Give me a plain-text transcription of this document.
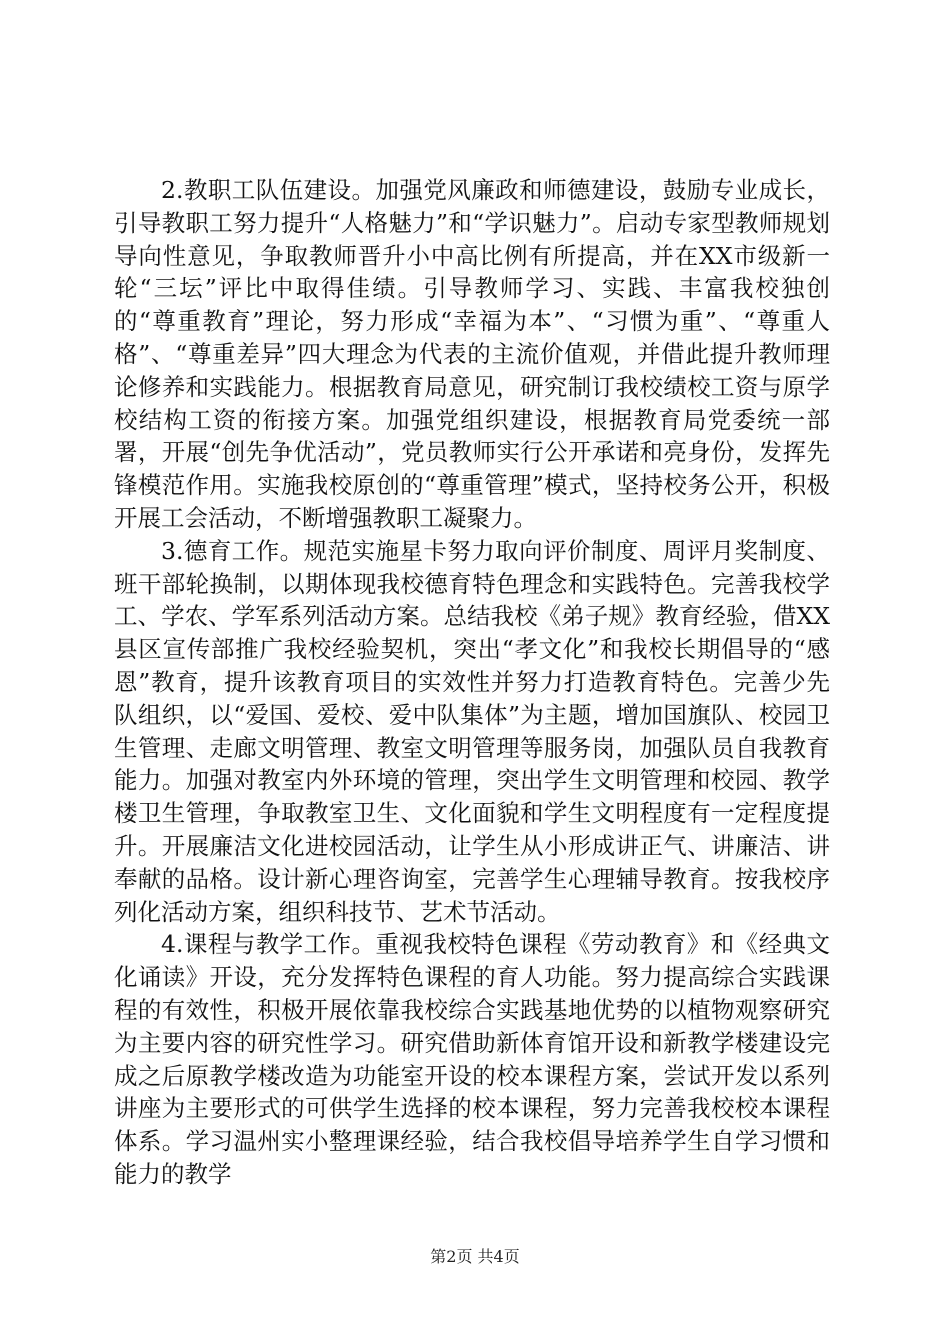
2.教职工队伍建设。加强党风廉政和师德建设，鼓励专业成长，引导教职工努力提升“人格魅力”和“学识魅力”。启动专家型教师规划导向性意见，争取教师晋升小中高比例有所提高，并在XX市级新一轮“三坛”评比中取得佳绩。引导教师学习、实践、丰富我校独创的“尊重教育”理论，努力形成“幸福为本”、“习惯为重”、“尊重人格”、“尊重差异”四大理念为代表的主流价值观，并借此提升教师理论修养和实践能力。根据教育局意见，研究制订我校绩校工资与原学校结构工资的衔接方案。加强党组织建设，根据教育局党委统一部署，开展“创先争优活动”，党员教师实行公开承诺和亮身份，发挥先锋模范作用。实施我校原创的“尊重管理”模式，坚持校务公开，积极开展工会活动，不断增强教职工凝聚力。

3.德育工作。规范实施星卡努力取向评价制度、周评月奖制度、班干部轮换制，以期体现我校德育特色理念和实践特色。完善我校学工、学农、学军系列活动方案。总结我校《弟子规》教育经验，借XX县区宣传部推广我校经验契机，突出“孝文化”和我校长期倡导的“感恩”教育，提升该教育项目的实效性并努力打造教育特色。完善少先队组织，以“爱国、爱校、爱中队集体”为主题，增加国旗队、校园卫生管理、走廊文明管理、教室文明管理等服务岗，加强队员自我教育能力。加强对教室内外环境的管理，突出学生文明管理和校园、教学楼卫生管理，争取教室卫生、文化面貌和学生文明程度有一定程度提升。开展廉洁文化进校园活动，让学生从小形成讲正气、讲廉洁、讲奉献的品格。设计新心理咨询室，完善学生心理辅导教育。按我校序列化活动方案，组织科技节、艺术节活动。

4.课程与教学工作。重视我校特色课程《劳动教育》和《经典文化诵读》开设，充分发挥特色课程的育人功能。努力提高综合实践课程的有效性，积极开展依靠我校综合实践基地优势的以植物观察研究为主要内容的研究性学习。研究借助新体育馆开设和新教学楼建设完成之后原教学楼改造为功能室开设的校本课程方案，尝试开发以系列讲座为主要形式的可供学生选择的校本课程，努力完善我校校本课程体系。学习温州实小整理课经验，结合我校倡导培养学生自学习惯和能力的教学

第2页 共4页
